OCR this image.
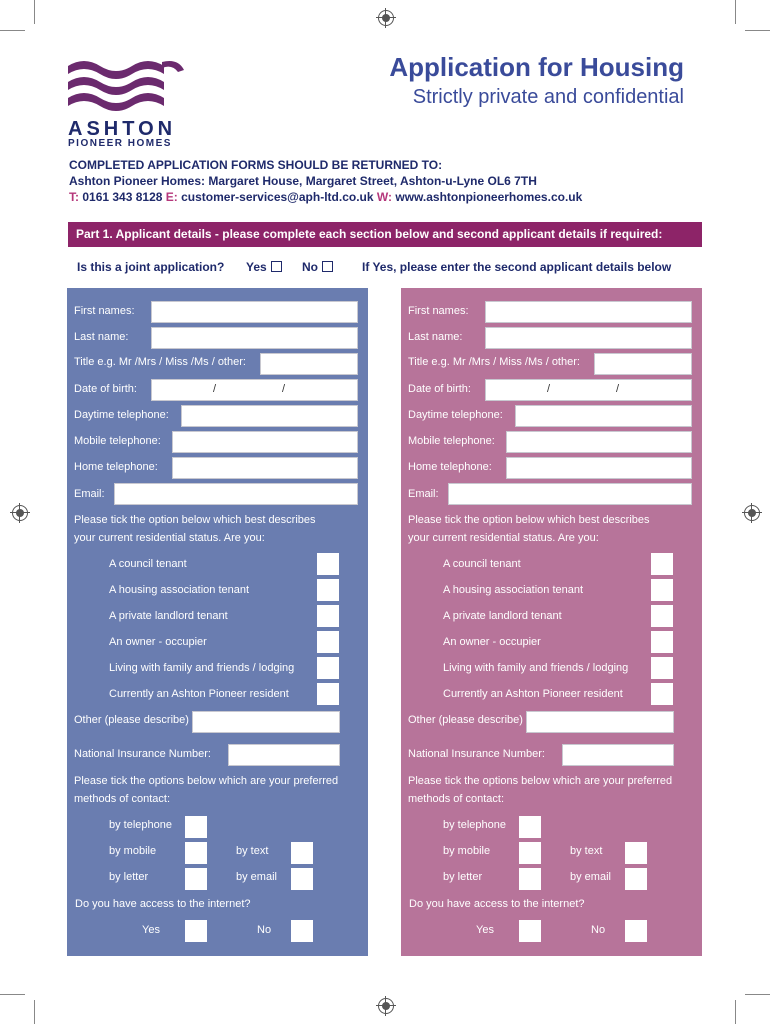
ASHTON
PIONEER HOMES
Application for Housing
Strictly private and confidential
COMPLETED APPLICATION FORMS SHOULD BE RETURNED TO:
Ashton Pioneer Homes: Margaret House, Margaret Street, Ashton-u-Lyne OL6 7TH
T: 0161 343 8128 E: customer-services@aph-ltd.co.uk W: www.ashtonpioneerhomes.co.uk
Part 1. Applicant details - please complete each section below and second applicant details if required:
Is this a joint application? Yes	No	If Yes, please enter the second applicant details below
First names:
Last name:
Title e.g. Mr /Mrs / Miss /Ms / other:
Date of birth:	/	/
Daytime telephone:
Mobile telephone:
Home telephone:
Email:
Please tick the option below which best describes
your current residential status. Are you:
A council tenant
A housing association tenant
A private landlord tenant
An owner - occupier
Living with family and friends / lodging
Currently an Ashton Pioneer resident
Other (please describe)
National Insurance Number:
Please tick the options below which are your preferred
methods of contact:
by telephone
by mobile	by text
by letter	by email
Do you have access to the internet?
Yes	No
First names:
Last name:
Title e.g. Mr /Mrs / Miss /Ms / other:
Date of birth:	/	/
Daytime telephone:
Mobile telephone:
Home telephone:
Email:
Please tick the option below which best describes
your current residential status. Are you:
A council tenant
A housing association tenant
A private landlord tenant
An owner - occupier
Living with family and friends / lodging
Currently an Ashton Pioneer resident
Other (please describe)
National Insurance Number:
Please tick the options below which are your preferred
methods of contact:
by telephone
by mobile	by text
by letter	by email
Do you have access to the internet?
Yes	No
